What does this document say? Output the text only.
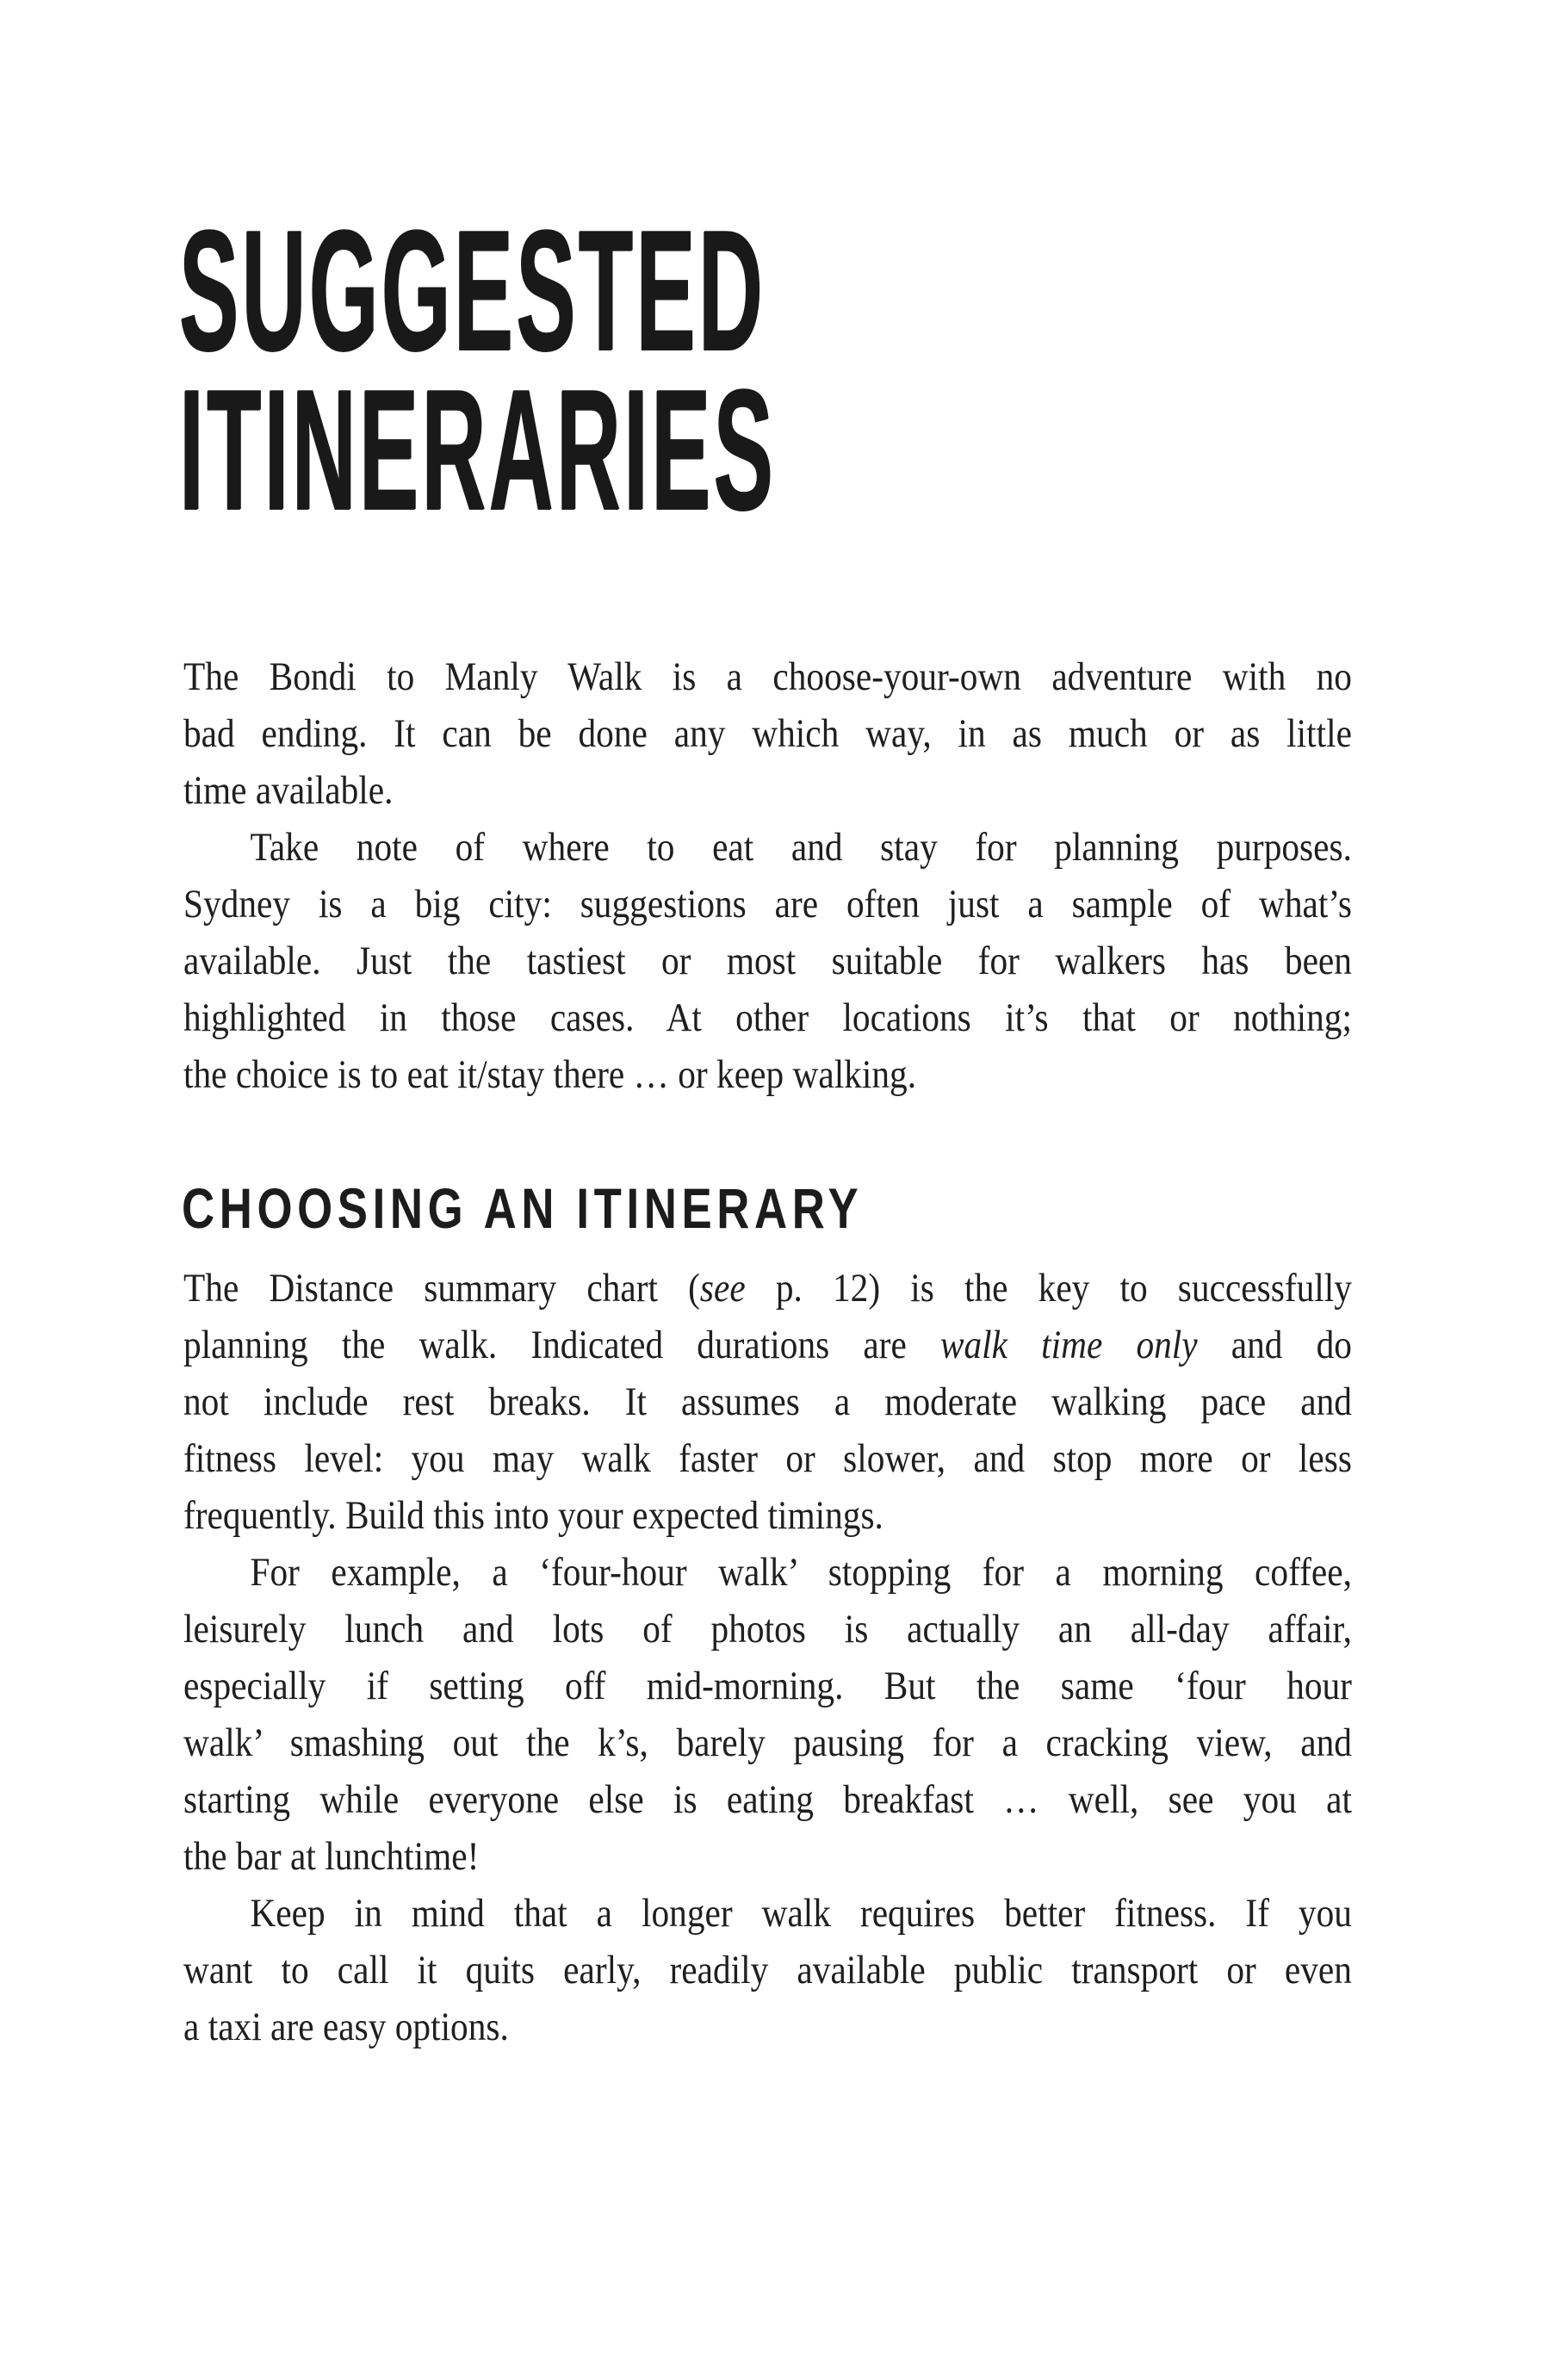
SUGGESTED
ITINERARIES
The Bondi to Manly Walk is a choose-your-own adventure with no
bad ending. It can be done any which way, in as much or as little
time available.
Take note of where to eat and stay for planning purposes.
Sydney is a big city: suggestions are often just a sample of what’s
available. Just the tastiest or most suitable for walkers has been
highlighted in those cases. At other locations it’s that or nothing;
the choice is to eat it/stay there … or keep walking.
CHOOSING AN ITINERARY
The Distance summary chart (see p. 12) is the key to successfully
planning the walk. Indicated durations are walk time only and do
not include rest breaks. It assumes a moderate walking pace and
fitness level: you may walk faster or slower, and stop more or less
frequently. Build this into your expected timings.
For example, a ‘four-hour walk’ stopping for a morning coffee,
leisurely lunch and lots of photos is actually an all-day affair,
especially if setting off mid-morning. But the same ‘four hour
walk’ smashing out the k’s, barely pausing for a cracking view, and
starting while everyone else is eating breakfast … well, see you at
the bar at lunchtime!
Keep in mind that a longer walk requires better fitness. If you
want to call it quits early, readily available public transport or even
a taxi are easy options.
